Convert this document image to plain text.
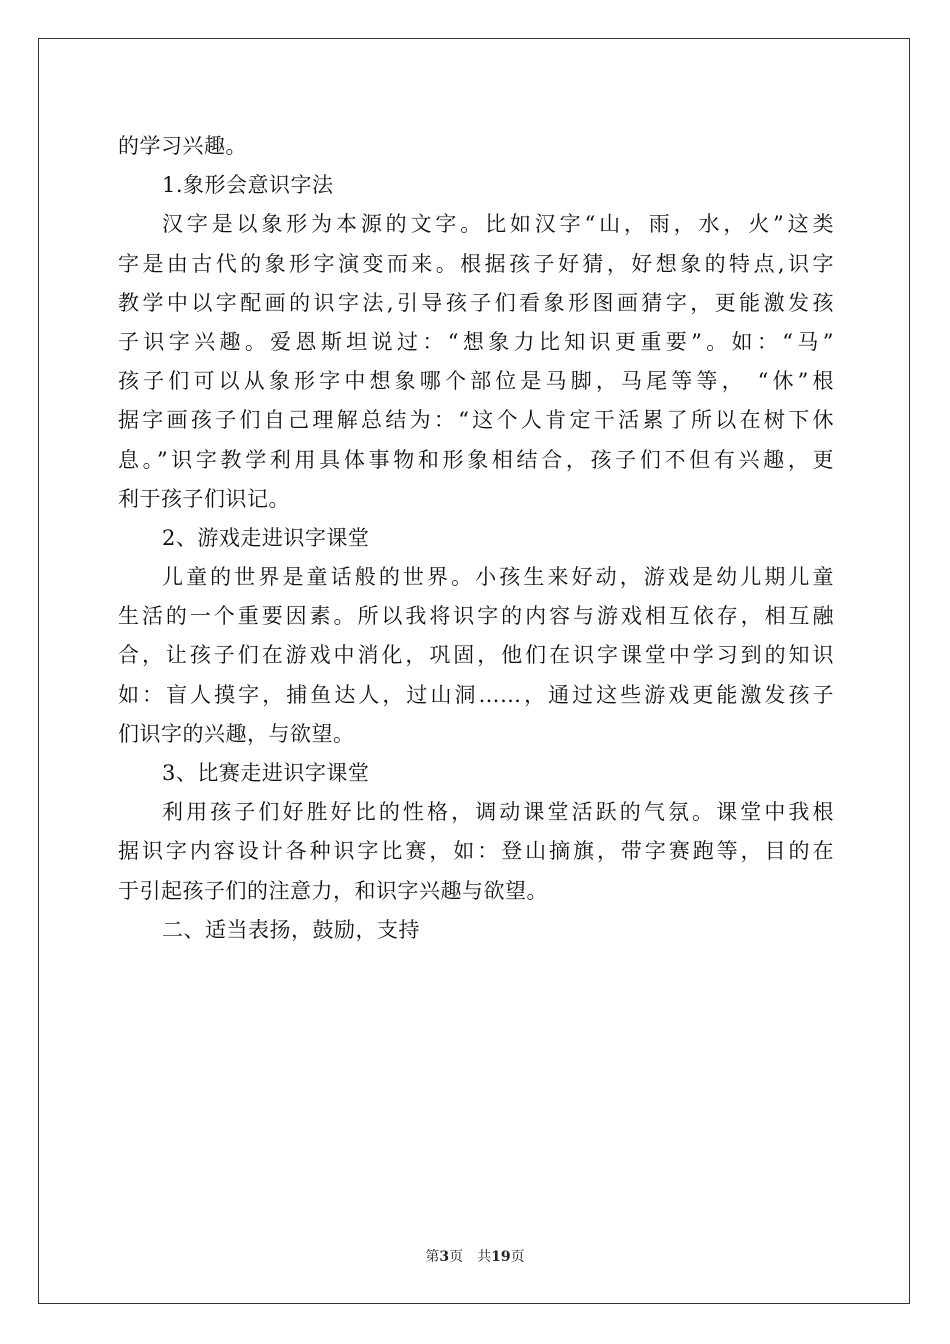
的学习兴趣。
1.象形会意识字法
汉字是以象形为本源的文字。比如汉字“山，雨，水，火”这类
字是由古代的象形字演变而来。根据孩子好猜，好想象的特点,识字
教学中以字配画的识字法,引导孩子们看象形图画猜字，更能激发孩
子识字兴趣。爱恩斯坦说过：“想象力比知识更重要”。如：“马”
孩子们可以从象形字中想象哪个部位是马脚，马尾等等， “休”根
据字画孩子们自己理解总结为：“这个人肯定干活累了所以在树下休
息。”识字教学利用具体事物和形象相结合，孩子们不但有兴趣，更
利于孩子们识记。
2、游戏走进识字课堂
儿童的世界是童话般的世界。小孩生来好动，游戏是幼儿期儿童
生活的一个重要因素。所以我将识字的内容与游戏相互依存，相互融
合，让孩子们在游戏中消化，巩固，他们在识字课堂中学习到的知识
如：盲人摸字，捕鱼达人，过山洞……，通过这些游戏更能激发孩子
们识字的兴趣，与欲望。
3、比赛走进识字课堂
利用孩子们好胜好比的性格，调动课堂活跃的气氛。课堂中我根
据识字内容设计各种识字比赛，如：登山摘旗，带字赛跑等，目的在
于引起孩子们的注意力，和识字兴趣与欲望。
二、适当表扬，鼓励，支持
第3页　共19页
